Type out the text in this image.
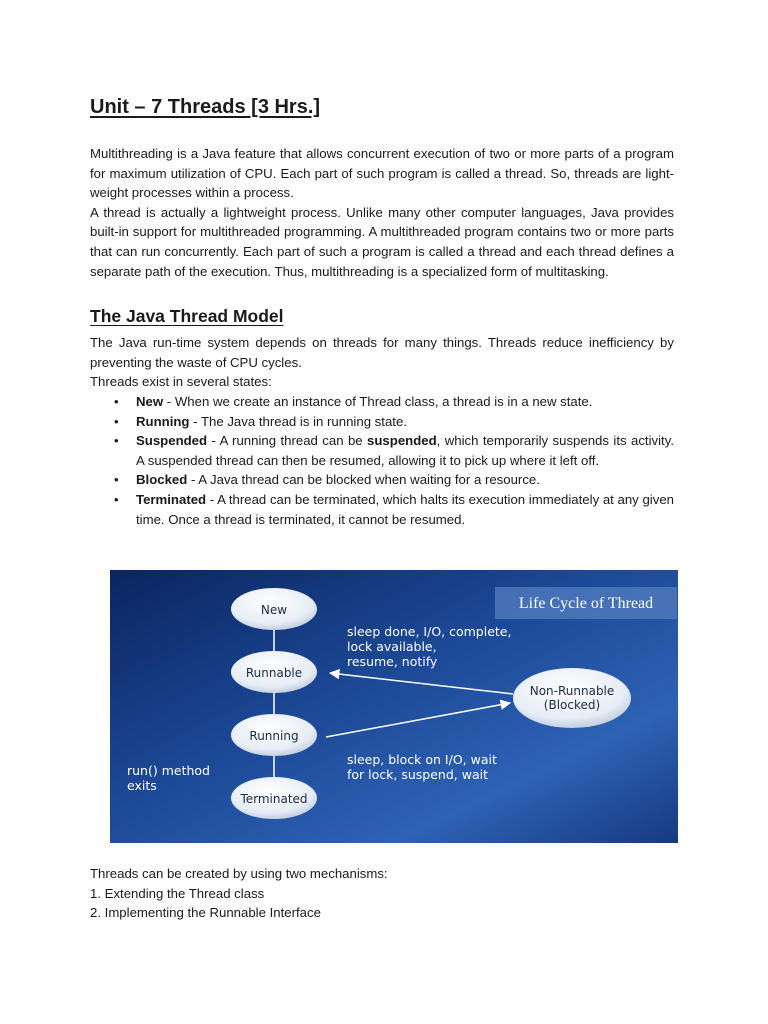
Unit – 7 Threads [3 Hrs.]

Multithreading is a Java feature that allows concurrent execution of two or more parts of a program for maximum utilization of CPU. Each part of such program is called a thread. So, threads are light-weight processes within a process.

A thread is actually a lightweight process. Unlike many other computer languages, Java provides built-in support for multithreaded programming. A multithreaded program contains two or more parts that can run concurrently. Each part of such a program is called a thread and each thread defines a separate path of the execution. Thus, multithreading is a specialized form of multitasking.

The Java Thread Model

The Java run-time system depends on threads for many things. Threads reduce inefficiency by preventing the waste of CPU cycles.

Threads exist in several states:

• New - When we create an instance of Thread class, a thread is in a new state.
• Running - The Java thread is in running state.
• Suspended - A running thread can be suspended, which temporarily suspends its activity. A suspended thread can then be resumed, allowing it to pick up where it left off.
• Blocked - A Java thread can be blocked when waiting for a resource.
• Terminated - A thread can be terminated, which halts its execution immediately at any given time. Once a thread is terminated, it cannot be resumed.
Life Cycle of Thread
New
Runnable
Running
Terminated
Non-Runnable
(Blocked)
sleep done, I/O, complete,
lock available,
resume, notify
sleep, block on I/O, wait
for lock, suspend, wait
run() method
exits

Threads can be created by using two mechanisms:

1. Extending the Thread class

2. Implementing the Runnable Interface
